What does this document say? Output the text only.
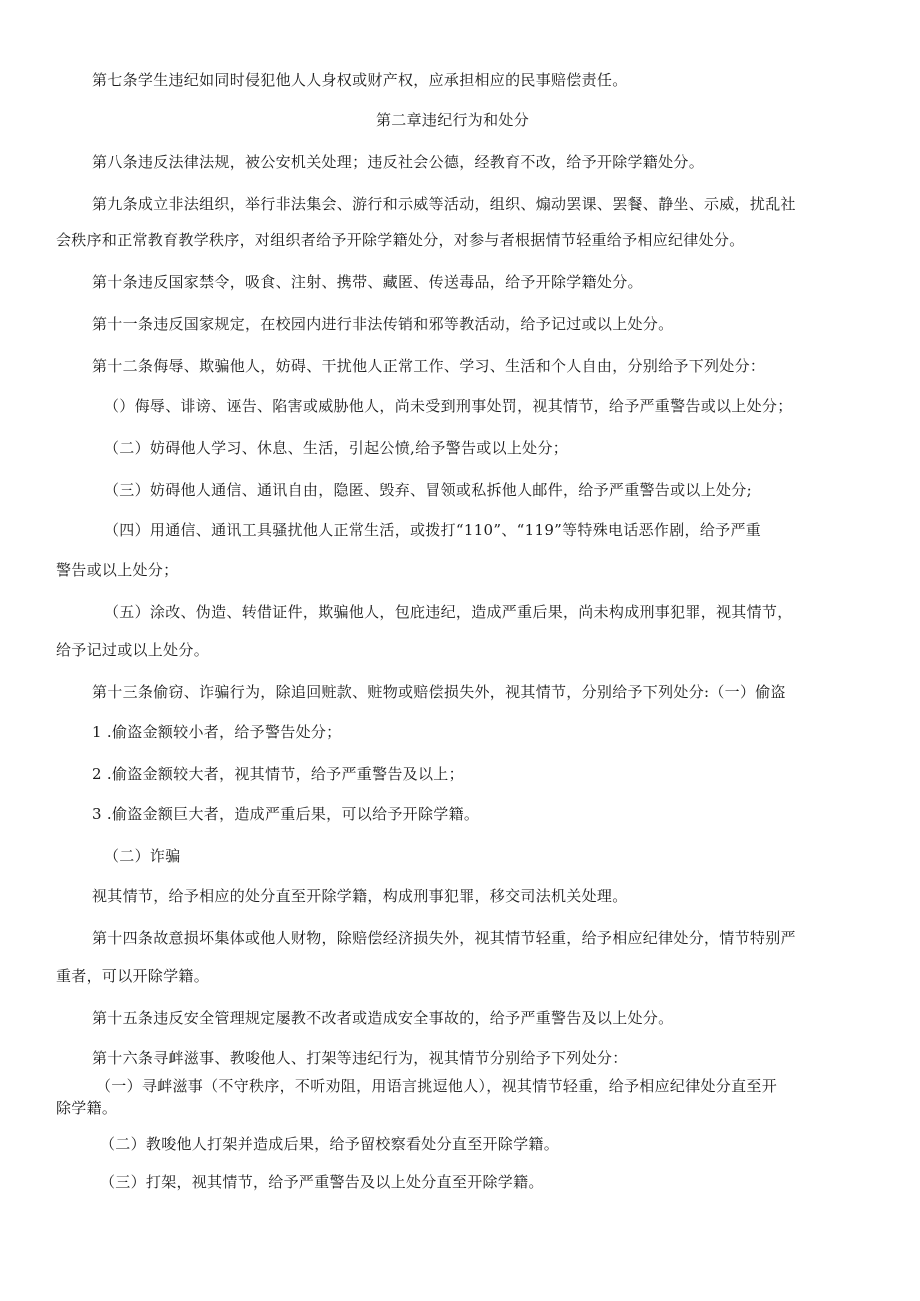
第七条学生违纪如同时侵犯他人人身权或财产权，应承担相应的民事赔偿责任。
第二章违纪行为和处分
第八条违反法律法规，被公安机关处理；违反社会公德，经教育不改，给予开除学籍处分。
第九条成立非法组织，举行非法集会、游行和示威等活动，组织、煽动罢课、罢餐、静坐、示威，扰乱社
会秩序和正常教育教学秩序，对组织者给予开除学籍处分，对参与者根据情节轻重给予相应纪律处分。
第十条违反国家禁令，吸食、注射、携带、藏匿、传送毒品，给予开除学籍处分。
第十一条违反国家规定，在校园内进行非法传销和邪等教活动，给予记过或以上处分。
第十二条侮辱、欺骗他人，妨碍、干扰他人正常工作、学习、生活和个人自由，分别给予下列处分：
（）侮辱、诽谤、诬告、陷害或威胁他人，尚未受到刑事处罚，视其情节，给予严重警告或以上处分；
（二）妨碍他人学习、休息、生活，引起公愤,给予警告或以上处分；
（三）妨碍他人通信、通讯自由，隐匿、毁弃、冒领或私拆他人邮件，给予严重警告或以上处分;
（四）用通信、通讯工具骚扰他人正常生活，或拨打“110”、“119”等特殊电话恶作剧，给予严重
警告或以上处分；
（五）涂改、伪造、转借证件，欺骗他人，包庇违纪，造成严重后果，尚未构成刑事犯罪，视其情节，
给予记过或以上处分。
第十三条偷窃、诈骗行为，除追回赃款、赃物或赔偿损失外，视其情节，分别给予下列处分:（一）偷盗
1 .偷盗金额较小者，给予警告处分；
2 .偷盗金额较大者，视其情节，给予严重警告及以上；
3 .偷盗金额巨大者，造成严重后果，可以给予开除学籍。
（二）诈骗
视其情节，给予相应的处分直至开除学籍，构成刑事犯罪，移交司法机关处理。
第十四条故意损坏集体或他人财物，除赔偿经济损失外，视其情节轻重，给予相应纪律处分，情节特别严
重者，可以开除学籍。
第十五条违反安全管理规定屡教不改者或造成安全事故的，给予严重警告及以上处分。
第十六条寻衅滋事、教唆他人、打架等违纪行为，视其情节分别给予下列处分：
（一）寻衅滋事（不守秩序，不听劝阻，用语言挑逗他人），视其情节轻重，给予相应纪律处分直至开
除学籍。
（二）教唆他人打架并造成后果，给予留校察看处分直至开除学籍。
（三）打架，视其情节，给予严重警告及以上处分直至开除学籍。
